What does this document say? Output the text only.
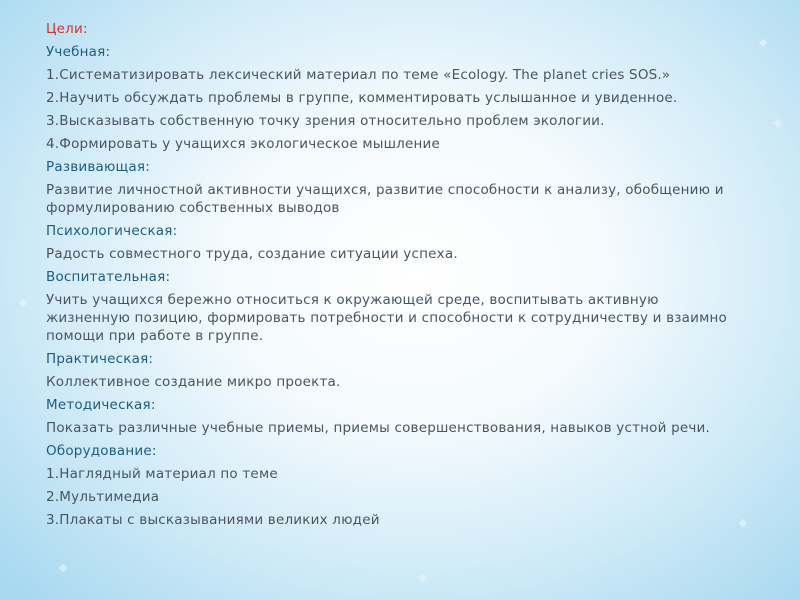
Цели:
Учебная:
1.Систематизировать лексический материал по теме «Ecology. The planet cries SOS.»
2.Научить обсуждать проблемы в группе, комментировать услышанное и увиденное.
3.Высказывать собственную точку зрения относительно проблем экологии.
4.Формировать у учащихся экологическое мышление
Развивающая:
Развитие личностной активности учащихся, развитие способности к анализу, обобщению и формулированию собственных выводов
Психологическая:
Радость совместного труда, создание ситуации успеха.
Воспитательная:
Учить учащихся бережно относиться к окружающей среде, воспитывать активную жизненную позицию, формировать потребности и способности к сотрудничеству и взаимно помощи при работе в группе.
Практическая:
Коллективное создание микро проекта.
Методическая:
Показать различные учебные приемы, приемы совершенствования, навыков устной речи.
Оборудование:
1.Наглядный материал по теме
2.Мультимедиа
3.Плакаты с высказываниями великих людей
